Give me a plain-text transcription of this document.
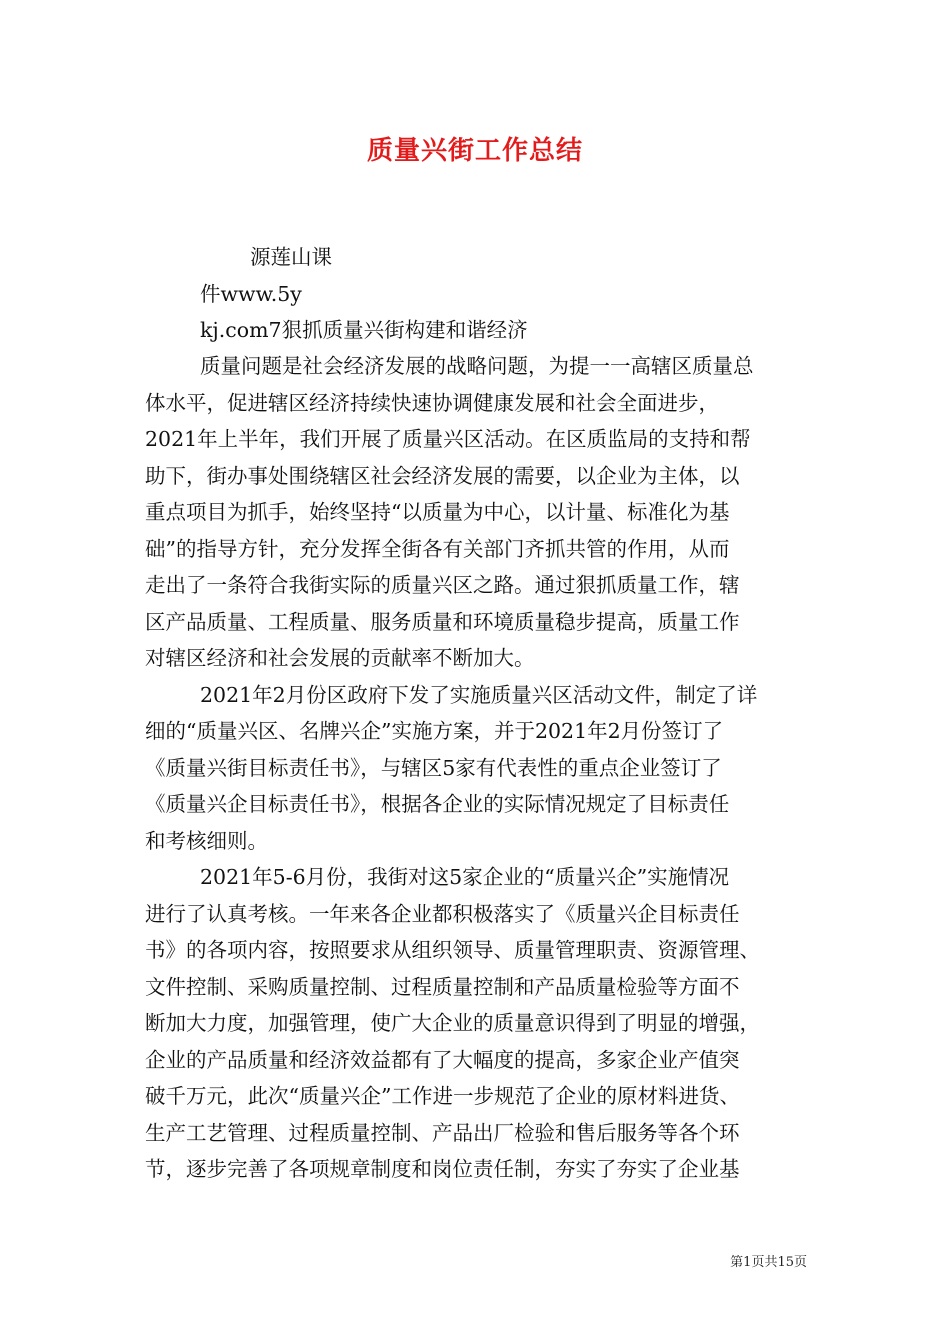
质量兴街工作总结
源莲山课
件www.5y
kj.com7狠抓质量兴街构建和谐经济
质量问题是社会经济发展的战略问题，为提一一高辖区质量总
体水平，促进辖区经济持续快速协调健康发展和社会全面进步，
2021年上半年，我们开展了质量兴区活动。在区质监局的支持和帮
助下，街办事处围绕辖区社会经济发展的需要，以企业为主体，以
重点项目为抓手，始终坚持“以质量为中心，以计量、标准化为基
础”的指导方针，充分发挥全街各有关部门齐抓共管的作用，从而
走出了一条符合我街实际的质量兴区之路。通过狠抓质量工作，辖
区产品质量、工程质量、服务质量和环境质量稳步提高，质量工作
对辖区经济和社会发展的贡献率不断加大。
2021年2月份区政府下发了实施质量兴区活动文件，制定了详
细的“质量兴区、名牌兴企”实施方案，并于2021年2月份签订了
《质量兴街目标责任书》，与辖区5家有代表性的重点企业签订了
《质量兴企目标责任书》，根据各企业的实际情况规定了目标责任
和考核细则。
2021年5-6月份，我街对这5家企业的“质量兴企”实施情况
进行了认真考核。一年来各企业都积极落实了《质量兴企目标责任
书》的各项内容，按照要求从组织领导、质量管理职责、资源管理、
文件控制、采购质量控制、过程质量控制和产品质量检验等方面不
断加大力度，加强管理，使广大企业的质量意识得到了明显的增强，
企业的产品质量和经济效益都有了大幅度的提高，多家企业产值突
破千万元，此次“质量兴企”工作进一步规范了企业的原材料进货、
生产工艺管理、过程质量控制、产品出厂检验和售后服务等各个环
节，逐步完善了各项规章制度和岗位责任制，夯实了夯实了企业基
第1页共15页
